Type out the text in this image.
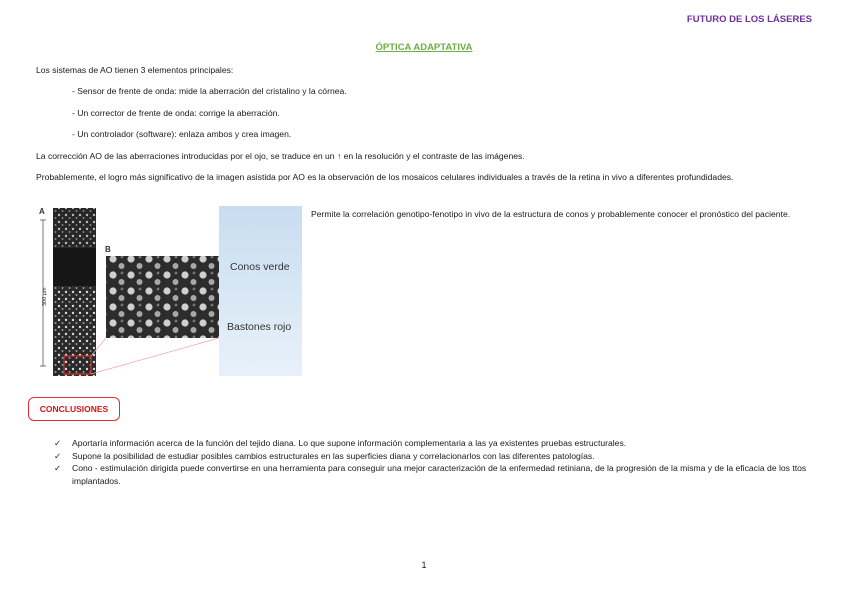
FUTURO DE LOS LÁSERES
ÓPTICA ADAPTATIVA
Los sistemas de AO tienen 3 elementos principales:
- Sensor de frente de onda: mide la aberración del cristalino y la córnea.
- Un corrector de frente de onda: corrige la aberración.
- Un controlador (software): enlaza ambos y crea imagen.
La corrección AO de las aberraciones introducidas por el ojo, se traduce en un ↑ en la resolución y el contraste de las imágenes.
Probablemente, el logro más significativo de la imagen asistida por AO es la observación de los mosaicos celulares individuales a través de la retina in vivo a diferentes profundidades.
300 µm
A
B
Conos verde
Bastones rojo
Permite la correlación genotipo-fenotipo in vivo de la estructura de conos y probablemente conocer el pronóstico del paciente.
CONCLUSIONES
✓ Aportaría información acerca de la función del tejido diana. Lo que supone información complementaria a las ya existentes pruebas estructurales.
✓ Supone la posibilidad de estudiar posibles cambios estructurales en las superficies diana y correlacionarlos con las diferentes patologías.
✓ Cono - estimulación dirigida puede convertirse en una herramienta para conseguir una mejor caracterización de la enfermedad retiniana, de la progresión de la misma y de la eficacia de los ttos implantados.
1
